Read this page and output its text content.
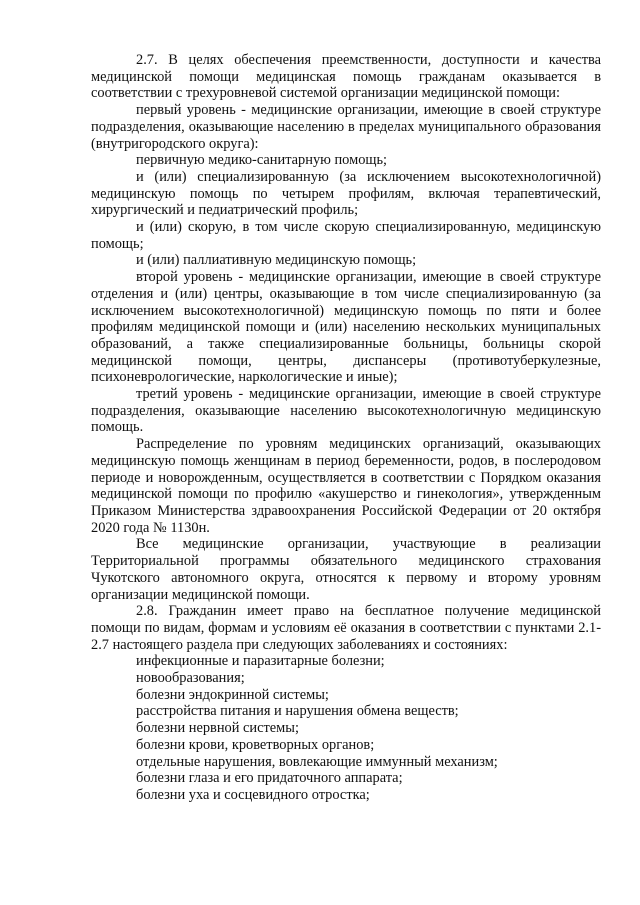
2.7. В целях обеспечения преемственности, доступности и качества медицинской помощи медицинская помощь гражданам оказывается в соответствии с трехуровневой системой организации медицинской помощи:

первый уровень - медицинские организации, имеющие в своей структуре подразделения, оказывающие населению в пределах муниципального образования (внутригородского округа):

первичную медико-санитарную помощь;

и (или) специализированную (за исключением высокотехнологичной) медицинскую помощь по четырем профилям, включая терапевтический, хирургический и педиатрический профиль;

и (или) скорую, в том числе скорую специализированную, медицинскую помощь;

и (или) паллиативную медицинскую помощь;

второй уровень - медицинские организации, имеющие в своей структуре отделения и (или) центры, оказывающие в том числе специализированную (за исключением высокотехнологичной) медицинскую помощь по пяти и более профилям медицинской помощи и (или) населению нескольких муниципальных образований, а также специализированные больницы, больницы скорой медицинской помощи, центры, диспансеры (противотуберкулезные, психоневрологические, наркологические и иные);

третий уровень - медицинские организации, имеющие в своей структуре подразделения, оказывающие населению высокотехнологичную медицинскую помощь.

Распределение по уровням медицинских организаций, оказывающих медицинскую помощь женщинам в период беременности, родов, в послеродовом периоде и новорожденным, осуществляется в соответствии с Порядком оказания медицинской помощи по профилю «акушерство и гинекология», утвержденным Приказом Министерства здравоохранения Российской Федерации от 20 октября 2020 года № 1130н.

Все медицинские организации, участвующие в реализации Территориальной программы обязательного медицинского страхования Чукотского автономного округа, относятся к первому и второму уровням организации медицинской помощи.

2.8. Гражданин имеет право на бесплатное получение медицинской помощи по видам, формам и условиям её оказания в соответствии с пунктами 2.1-2.7 настоящего раздела при следующих заболеваниях и состояниях:

инфекционные и паразитарные болезни;

новообразования;

болезни эндокринной системы;

расстройства питания и нарушения обмена веществ;

болезни нервной системы;

болезни крови, кроветворных органов;

отдельные нарушения, вовлекающие иммунный механизм;

болезни глаза и его придаточного аппарата;

болезни уха и сосцевидного отростка;
